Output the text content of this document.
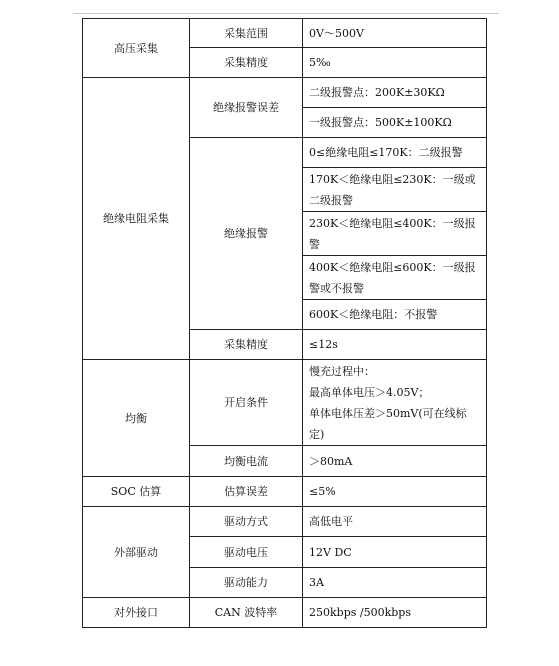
高压采集	采集范围	0V～500V
	采集精度	5‰
绝缘电阻采集	绝缘报警误差	二级报警点：200K±30KΩ
		一级报警点：500K±100KΩ
	绝缘报警	0≤绝缘电阻≤170K：二级报警

		170K＜绝缘电阻≤230K：一级或
二级报警

		230K＜绝缘电阻≤400K：一级报
警

		400K＜绝缘电阻≤600K：一级报
警或不报警

		600K＜绝缘电阻：不报警
	采集精度	≤12s
均衡	开启条件	慢充过程中：
最高单体电压＞4.05V；
单体电体压差＞50mV(可在线标
定)

	均衡电流	＞80mA
SOC 估算	估算误差	≤5%
外部驱动	驱动方式	高低电平
	驱动电压	12V DC
	驱动能力	3A
对外接口	CAN 波特率	250kbps /500kbps
